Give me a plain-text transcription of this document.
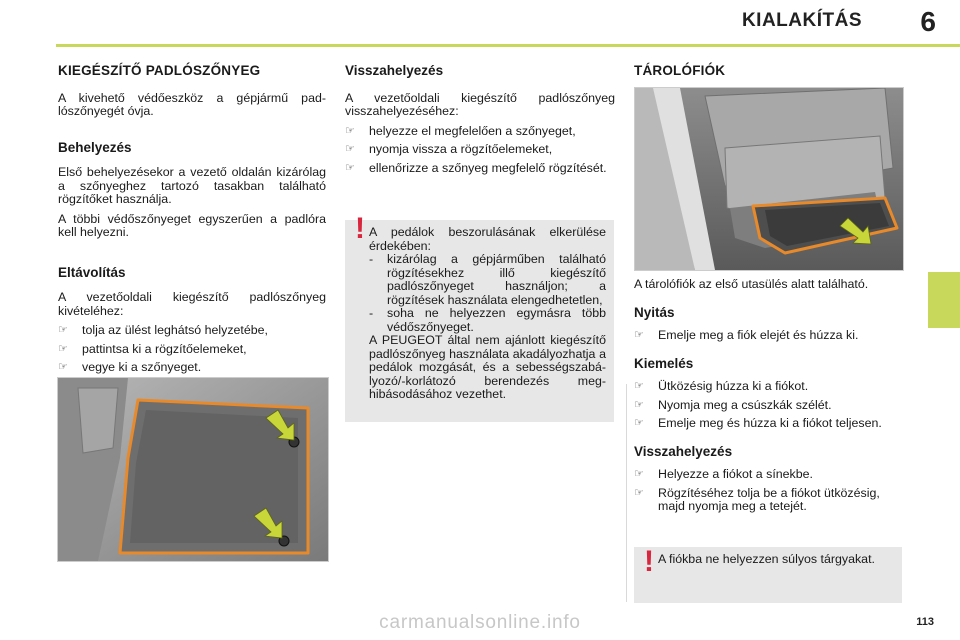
KIALAKÍTÁS 6
KIEGÉSZÍTŐ PADLÓSZŐNYEG

A kivehető védőeszköz a gépjármű padlószőnyegét óvja.

Behelyezés

Első behelyezésekor a vezető oldalán kizárólag a szőnyeghez tartozó tasakban található rögzítőket használja.

A többi védőszőnyeget egyszerűen a padlóra kell helyezni.

Eltávolítás

A vezetőoldali kiegészítő padlószőnyeg kivételéhez:

☞ tolja az ülést leghátsó helyzetébe,
☞ pattintsa ki a rögzítőelemeket,
☞ vegye ki a szőnyeget.
Visszahelyezés

A vezetőoldali kiegészítő padlószőnyeg visszahelyezéséhez:

☞ helyezze el megfelelően a szőnyeget,
☞ nyomja vissza a rögzítőelemeket,
☞ ellenőrizze a szőnyeg megfelelő rögzítését.
! A pedálok beszorulásának elkerülése érdekében:

- kizárólag a gépjárműben található rögzítésekhez illő kiegészítő padlószőnyeget használjon; a rögzítések használata elengedhetetlen,
- soha ne helyezzen egymásra több védőszőnyeget.

A PEUGEOT által nem ajánlott kiegészítő padlószőnyeg használata akadályozhatja a pedálok mozgását, és a sebességszabályozó/-korlátozó berendezés meghibásodásához vezethet.

TÁROLÓFIÓK

A tárolófiók az első utasülés alatt található.

Nyitás
☞ Emelje meg a fiók elejét és húzza ki.
Kiemelés
☞ Ütközésig húzza ki a fiókot.
☞ Nyomja meg a csúszkák szélét.
☞ Emelje meg és húzza ki a fiókot teljesen.
Visszahelyezés
☞ Helyezze a fiókot a sínekbe.
☞ Rögzítéséhez tolja be a fiókot ütközésig, majd nyomja meg a tetejét.
! A fiókba ne helyezzen súlyos tárgyakat.

113
carmanualsonline.info
